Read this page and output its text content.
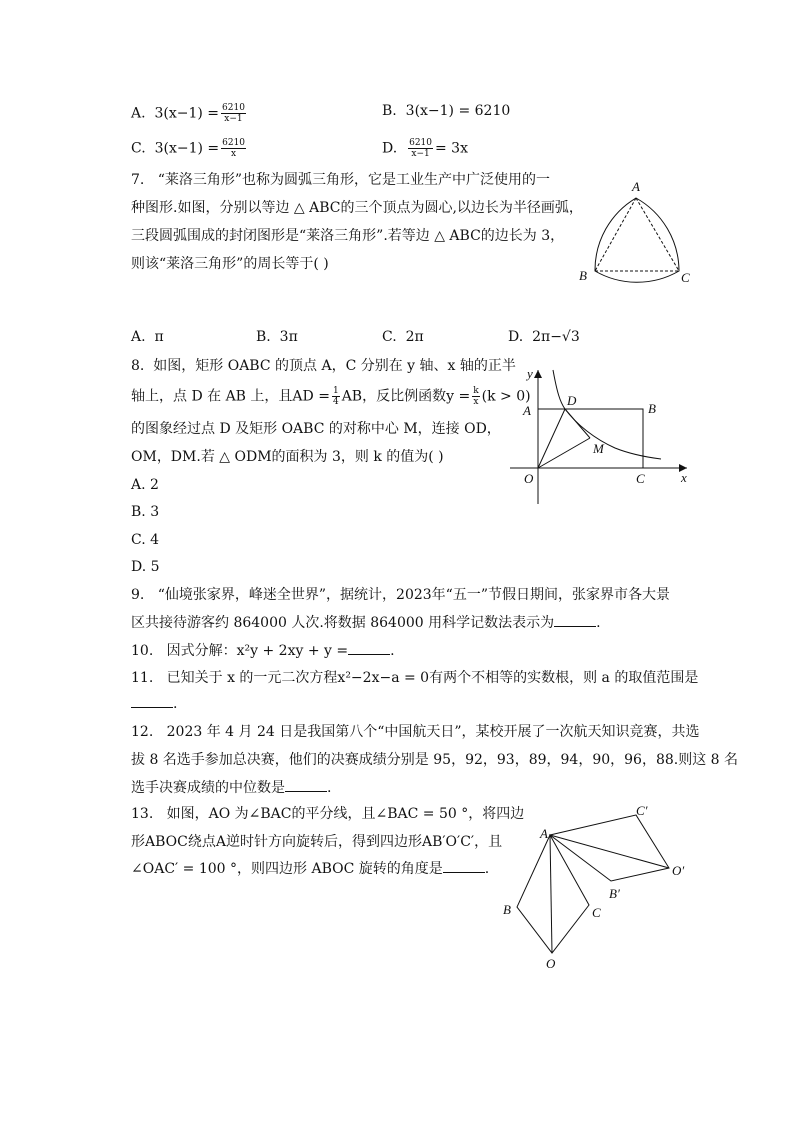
A. $3(x-1) = \frac{6210}{x-1}$	B. 3(x−1) = 6210
C. $3(x-1) = \frac{6210}{x}$	D. $\frac{6210}{x-1} = 3x$
7. “莱洛三角形”也称为圆弧三角形，它是工业生产中广泛使用的一
种图形.如图，分别以等边 △ ABC的三个顶点为圆心,以边长为半径画弧，
三段圆弧围成的封闭图形是“莱洛三角形”.若等边 △ ABC的边长为 3，
则该“莱洛三角形”的周长等于( )
A
B	C
A. π	B. 3π	C. 2π	D. 2π−√3
8. 如图，矩形 OABC 的顶点 A，C 分别在 y 轴、x 轴的正半
轴上，点 D 在 AB 上，且AD = $\frac{1}{4}$ AB，反比例函数$y = \frac{k}{x} (k > 0)$
的图象经过点 D 及矩形 OABC 的对称中心 M，连接 OD，
OM，DM.若 △ ODM的面积为 3，则 k 的值为( )
A. 2
B. 3
C. 4
D. 5
y
x
A	B
C
D
M
O
9. “仙境张家界，峰迷全世界”，据统计，2023年“五一”节假日期间，张家界市各大景
区共接待游客约 864000 人次.将数据 864000 用科学记数法表示为	.
10. 因式分解：x²y + 2xy + y =	.
11. 已知关于 x 的一元二次方程x²−2x−a = 0有两个不相等的实数根，则 a 的取值范围是
.
12. 2023 年 4 月 24 日是我国第八个“中国航天日”，某校开展了一次航天知识竞赛，共选
拔 8 名选手参加总决赛，他们的决赛成绩分别是 95，92，93，89，94，90，96，88.则这 8 名
选手决赛成绩的中位数是	.
13. 如图，AO 为∠BAC的平分线，且∠BAC = 50 °，将四边
形ABOC绕点A逆时针方向旋转后，得到四边形AB′O′C′，且
∠OAC′ = 100 °，则四边形 ABOC 旋转的角度是	.
A
B	C
O
B′
C′
O′
